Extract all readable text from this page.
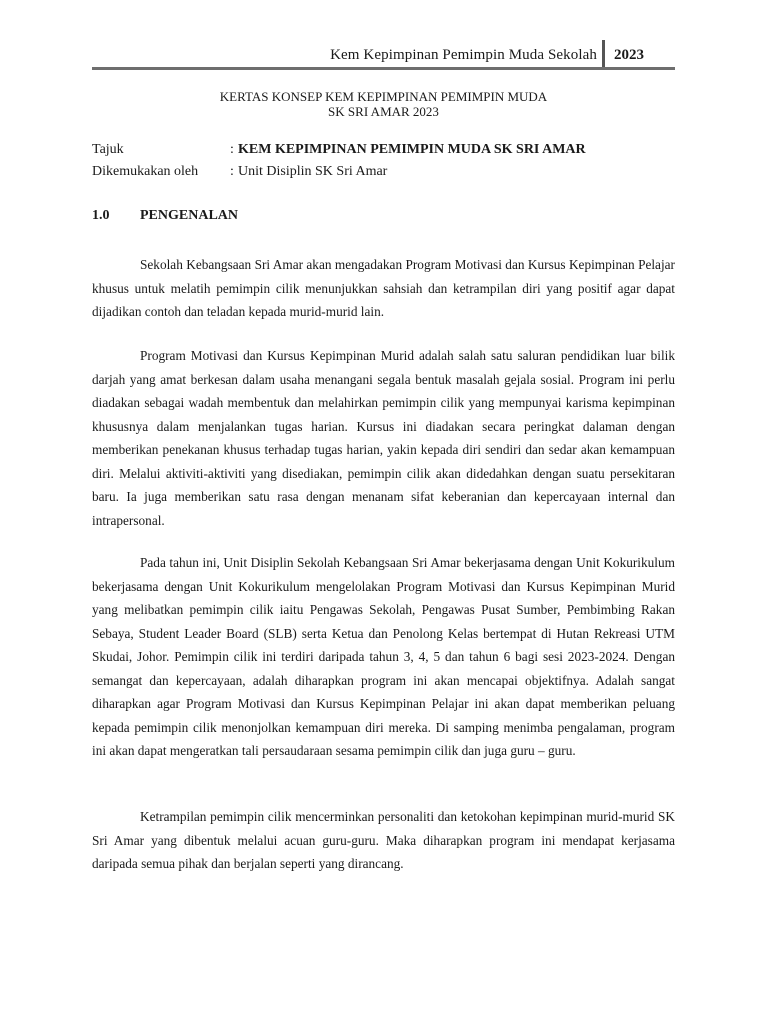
Kem Kepimpinan Pemimpin Muda Sekolah 2023
KERTAS KONSEP KEM KEPIMPINAN PEMIMPIN MUDA
SK SRI AMAR 2023
Tajuk	: KEM KEPIMPINAN PEMIMPIN MUDA SK SRI AMAR
Dikemukakan oleh : Unit Disiplin SK Sri Amar
1.0 PENGENALAN

Sekolah Kebangsaan Sri Amar akan mengadakan Program Motivasi dan Kursus Kepimpinan Pelajar khusus untuk melatih pemimpin cilik menunjukkan sahsiah dan ketrampilan diri yang positif agar dapat dijadikan contoh dan teladan kepada murid-murid lain.

Program Motivasi dan Kursus Kepimpinan Murid adalah salah satu saluran pendidikan luar bilik darjah yang amat berkesan dalam usaha menangani segala bentuk masalah gejala sosial. Program ini perlu diadakan sebagai wadah membentuk dan melahirkan pemimpin cilik yang mempunyai karisma kepimpinan khususnya dalam menjalankan tugas harian. Kursus ini diadakan secara peringkat dalaman dengan memberikan penekanan khusus terhadap tugas harian, yakin kepada diri sendiri dan sedar akan kemampuan diri. Melalui aktiviti-aktiviti yang disediakan, pemimpin cilik akan didedahkan dengan suatu persekitaran baru. Ia juga memberikan satu rasa dengan menanam sifat keberanian dan kepercayaan internal dan intrapersonal.

Pada tahun ini, Unit Disiplin Sekolah Kebangsaan Sri Amar bekerjasama dengan Unit Kokurikulum bekerjasama dengan Unit Kokurikulum mengelolakan Program Motivasi dan Kursus Kepimpinan Murid yang melibatkan pemimpin cilik iaitu Pengawas Sekolah, Pengawas Pusat Sumber, Pembimbing Rakan Sebaya, Student Leader Board (SLB) serta Ketua dan Penolong Kelas bertempat di Hutan Rekreasi UTM Skudai, Johor. Pemimpin cilik ini terdiri daripada tahun 3, 4, 5 dan tahun 6 bagi sesi 2023-2024. Dengan semangat dan kepercayaan, adalah diharapkan program ini akan mencapai objektifnya. Adalah sangat diharapkan agar Program Motivasi dan Kursus Kepimpinan Pelajar ini akan dapat memberikan peluang kepada pemimpin cilik menonjolkan kemampuan diri mereka. Di samping menimba pengalaman, program ini akan dapat mengeratkan tali persaudaraan sesama pemimpin cilik dan juga guru – guru.

Ketrampilan pemimpin cilik mencerminkan personaliti dan ketokohan kepimpinan murid-murid SK Sri Amar yang dibentuk melalui acuan guru-guru. Maka diharapkan program ini mendapat kerjasama daripada semua pihak dan berjalan seperti yang dirancang.
